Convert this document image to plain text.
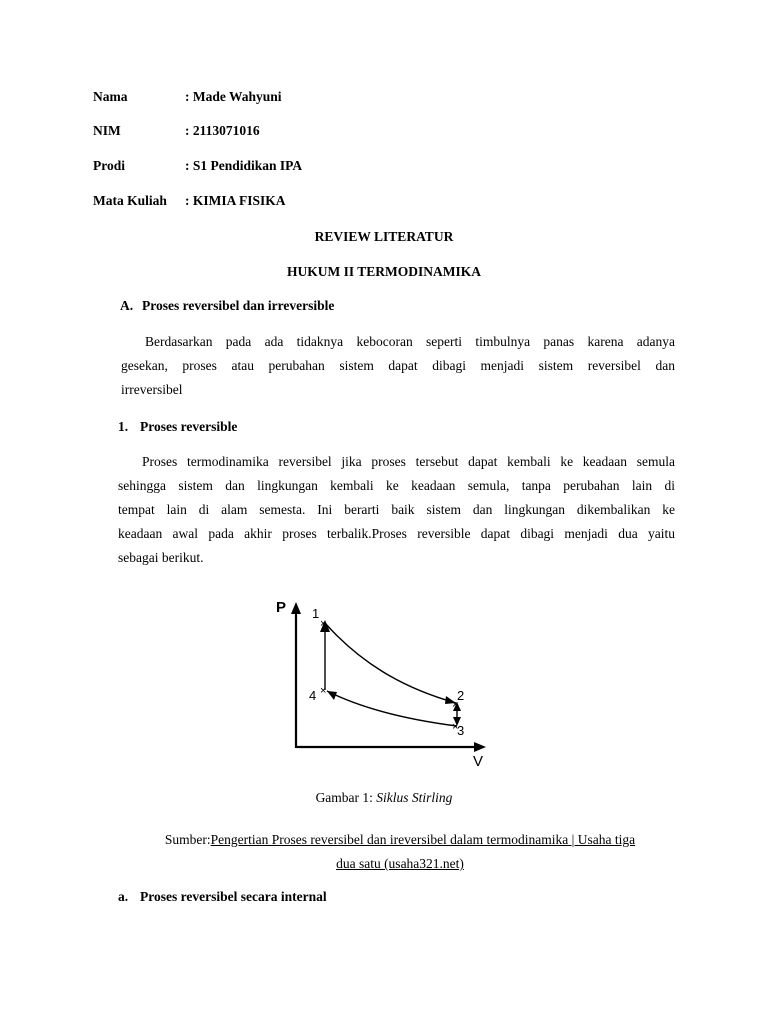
Nama	: Made Wahyuni
NIM	: 2113071016
Prodi	: S1 Pendidikan IPA
Mata Kuliah : KIMIA FISIKA
REVIEW LITERATUR
HUKUM II TERMODINAMIKA
A. Proses reversibel dan irreversible
Berdasarkan pada ada tidaknya kebocoran seperti timbulnya panas karena adanya
gesekan, proses atau perubahan sistem dapat dibagi menjadi sistem reversibel dan
irreversibel
1. Proses reversible
Proses termodinamika reversibel jika proses tersebut dapat kembali ke keadaan semula
sehingga sistem dan lingkungan kembali ke keadaan semula, tanpa perubahan lain di
tempat lain di alam semesta. Ini berarti baik sistem dan lingkungan dikembalikan ke
keadaan awal pada akhir proses terbalik.Proses reversible dapat dibagi menjadi dua yaitu
sebagai berikut.
P
V
×
×
×
×
1
2
3
4
Gambar 1: Siklus Stirling
Sumber:Pengertian Proses reversibel dan ireversibel dalam termodinamika | Usaha tiga
dua satu (usaha321.net)
a. Proses reversibel secara internal
